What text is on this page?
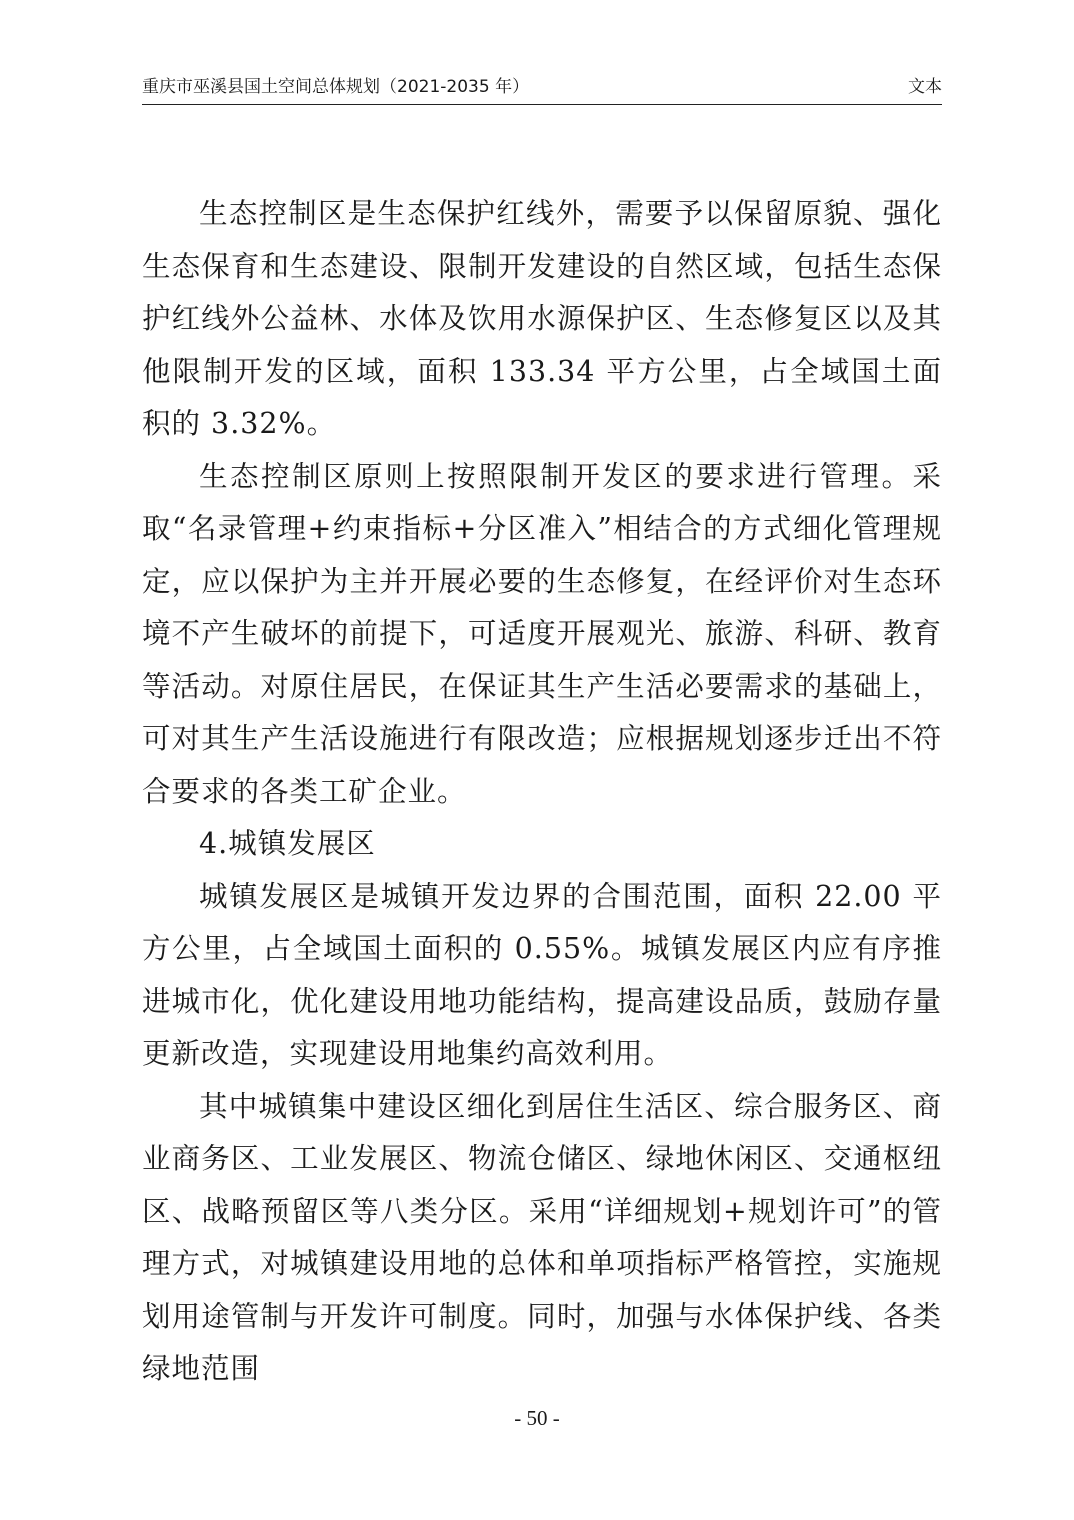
重庆市巫溪县国土空间总体规划（2021-2035 年）	文本

生态控制区是生态保护红线外，需要予以保留原貌、强化生态保育和生态建设、限制开发建设的自然区域，包括生态保护红线外公益林、水体及饮用水源保护区、生态修复区以及其他限制开发的区域，面积 133.34 平方公里，占全域国土面积的 3.32%。

生态控制区原则上按照限制开发区的要求进行管理。采取“名录管理+约束指标+分区准入”相结合的方式细化管理规定，应以保护为主并开展必要的生态修复，在经评价对生态环境不产生破坏的前提下，可适度开展观光、旅游、科研、教育等活动。对原住居民，在保证其生产生活必要需求的基础上，可对其生产生活设施进行有限改造；应根据规划逐步迁出不符合要求的各类工矿企业。

4.城镇发展区

城镇发展区是城镇开发边界的合围范围，面积 22.00 平方公里，占全域国土面积的 0.55%。城镇发展区内应有序推进城市化，优化建设用地功能结构，提高建设品质，鼓励存量更新改造，实现建设用地集约高效利用。

其中城镇集中建设区细化到居住生活区、综合服务区、商业商务区、工业发展区、物流仓储区、绿地休闲区、交通枢纽区、战略预留区等八类分区。采用“详细规划+规划许可”的管理方式，对城镇建设用地的总体和单项指标严格管控，实施规划用途管制与开发许可制度。同时，加强与水体保护线、各类绿地范围

- 50 -
